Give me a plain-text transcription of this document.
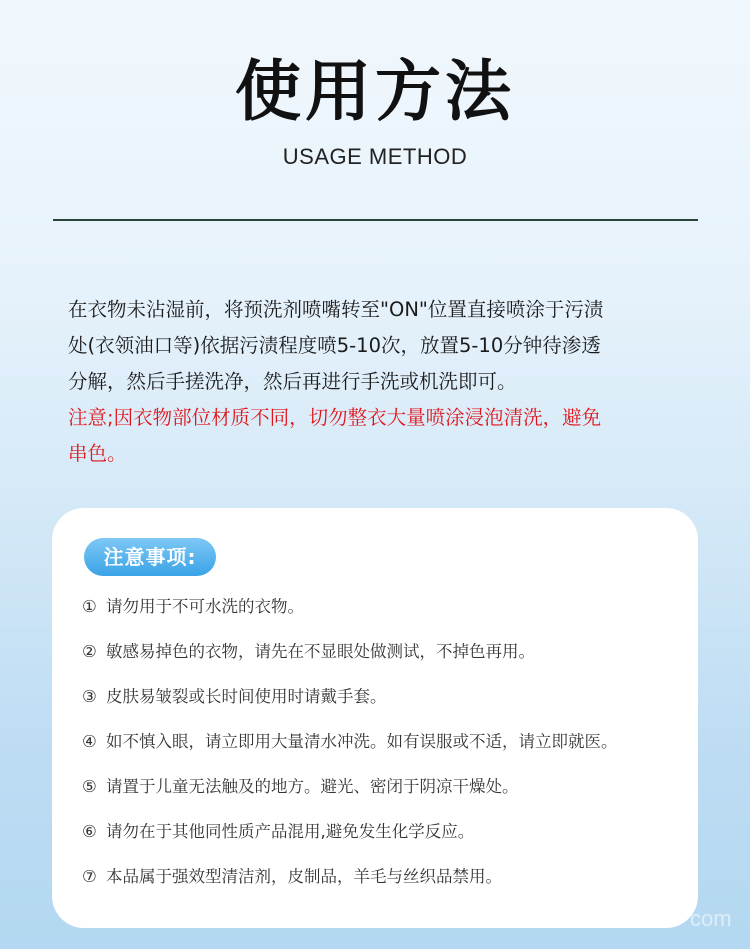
使用方法
USAGE METHOD
在衣物未沾湿前，将预洗剂喷嘴转至"ON"位置直接喷涂于污渍
处(衣领油口等)依据污渍程度喷5-10次，放置5-10分钟待渗透
分解，然后手搓洗净，然后再进行手洗或机洗即可。
注意;因衣物部位材质不同，切勿整衣大量喷涂浸泡清洗，避免
串色。
注意事项:
① 请勿用于不可水洗的衣物。
② 敏感易掉色的衣物，请先在不显眼处做测试，不掉色再用。
③ 皮肤易皱裂或长时间使用时请戴手套。
④ 如不慎入眼，请立即用大量清水冲洗。如有误服或不适，请立即就医。
⑤ 请置于儿童无法触及的地方。避光、密闭于阴凉干燥处。
⑥ 请勿在于其他同性质产品混用,避免发生化学反应。
⑦ 本品属于强效型清洁剂，皮制品，羊毛与丝织品禁用。
com
